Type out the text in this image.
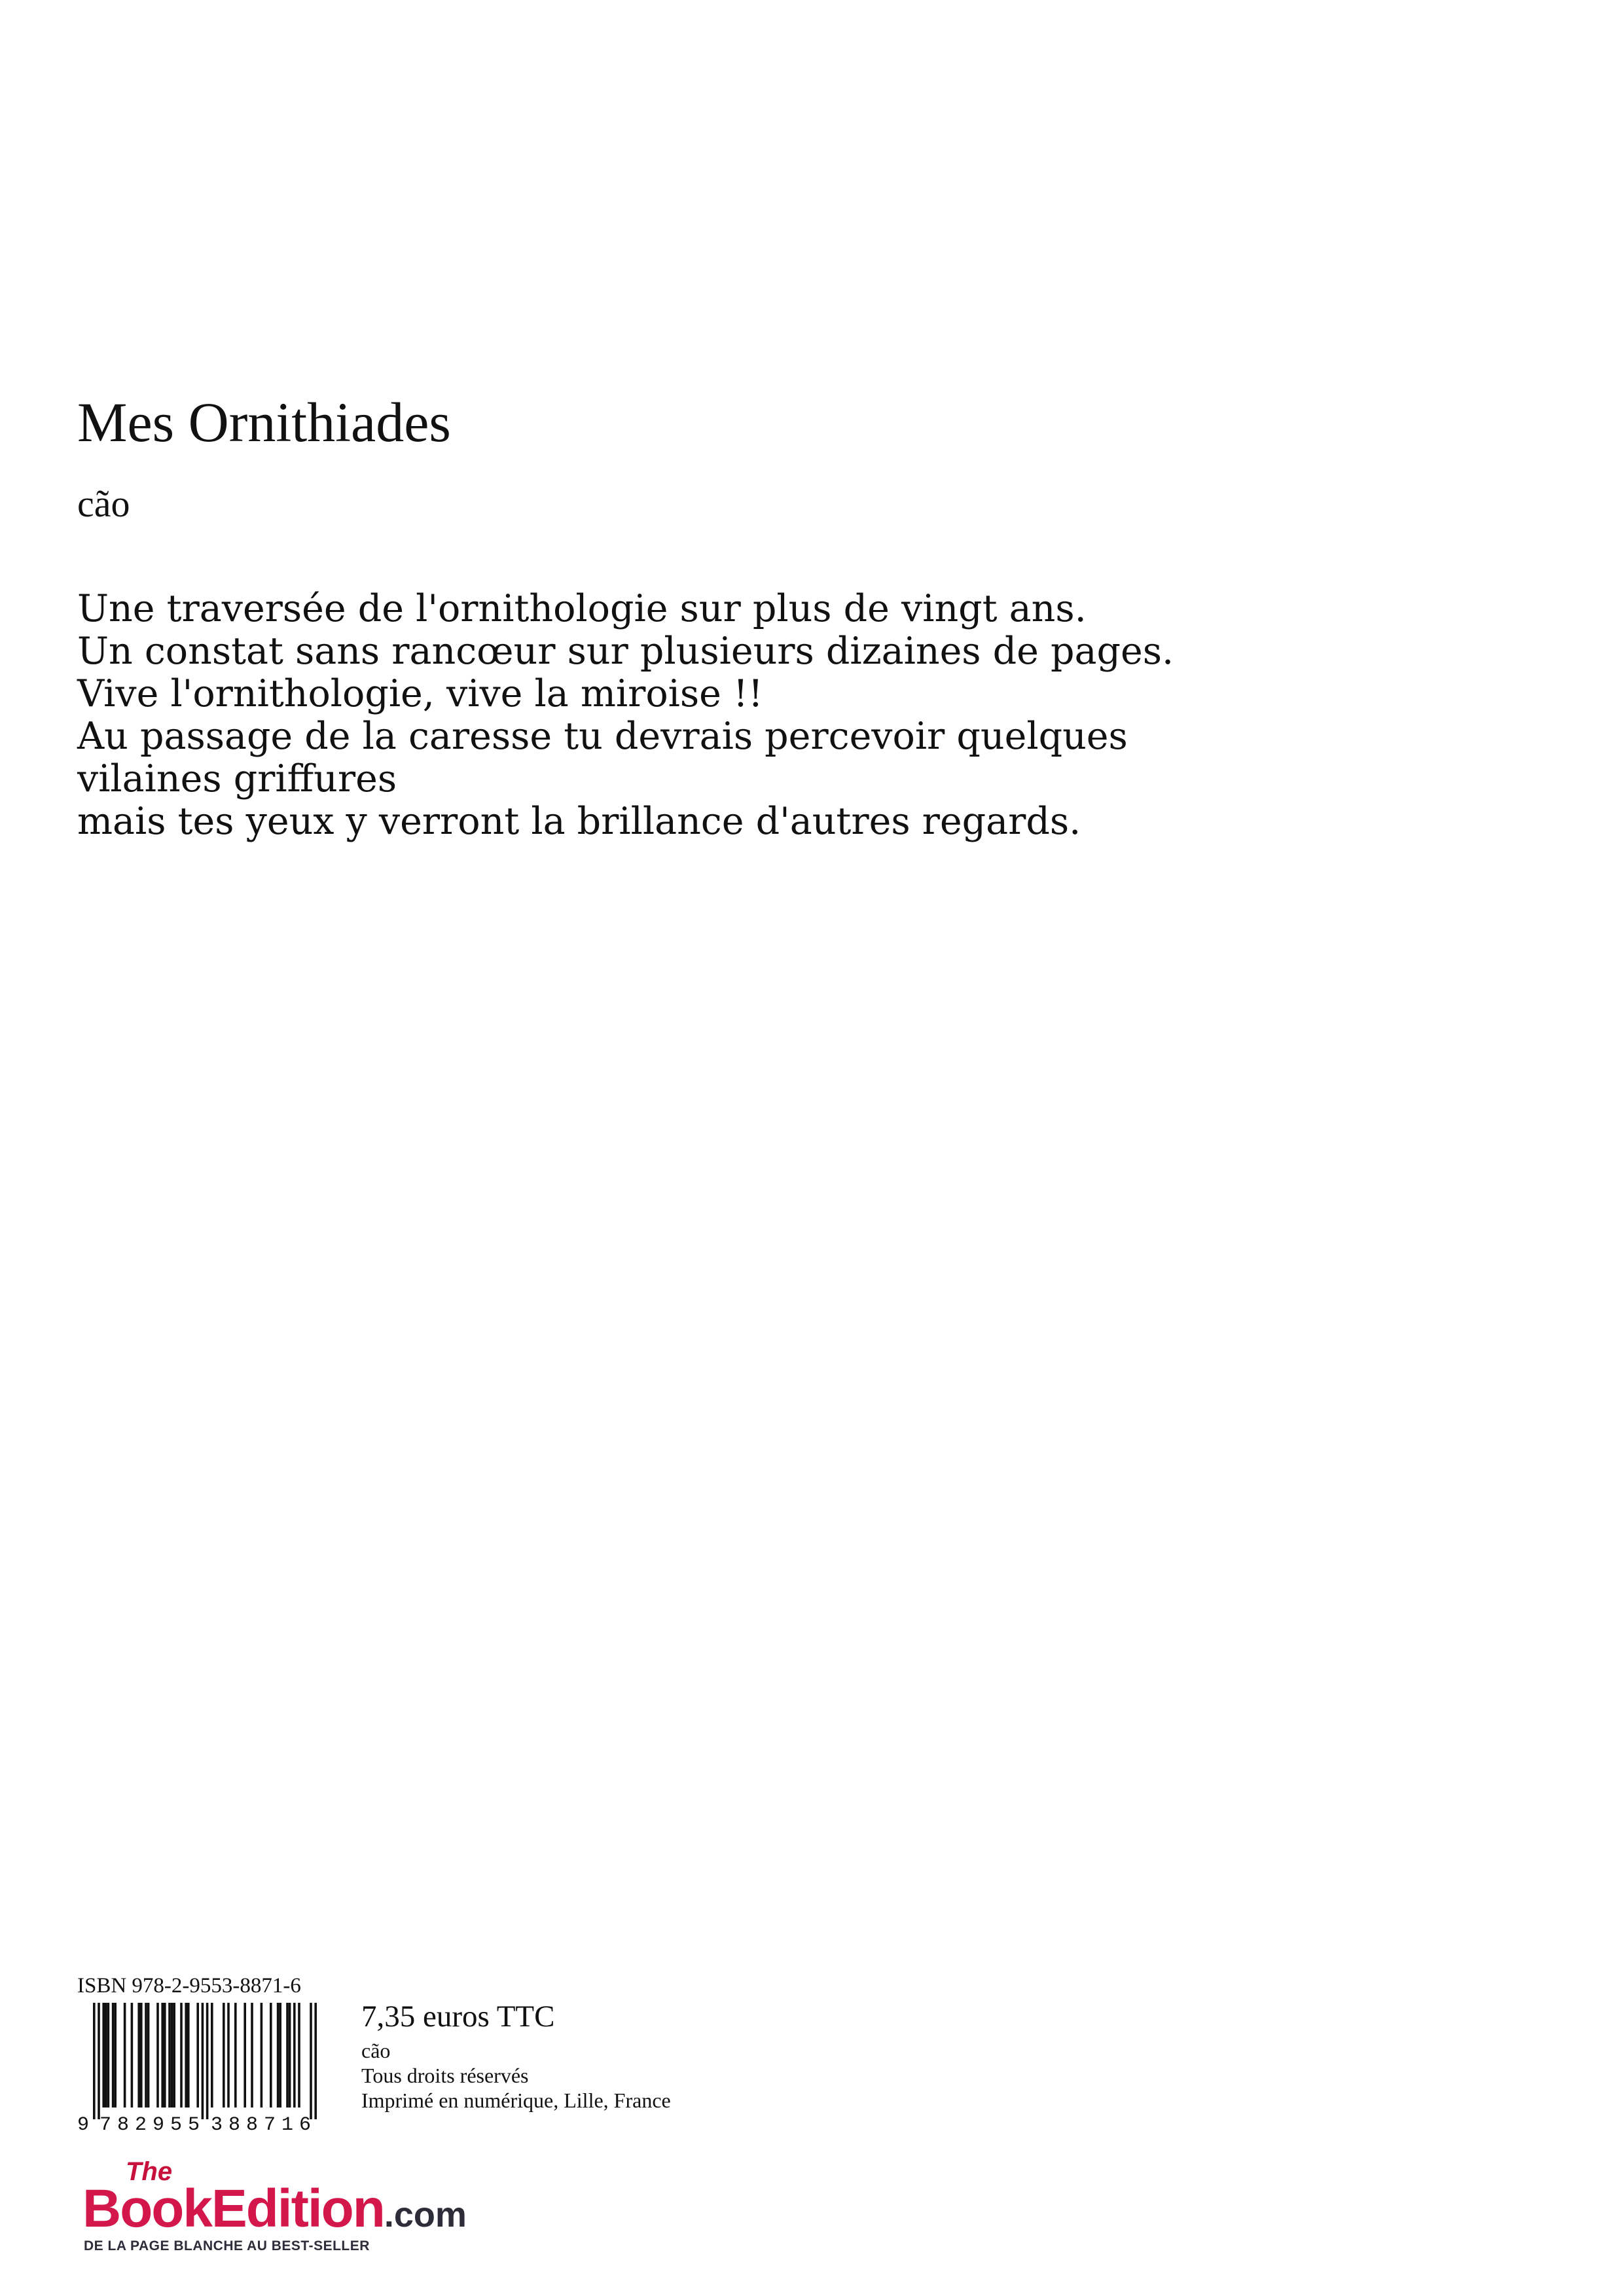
Mes Ornithiades
cão
Une traversée de l'ornithologie sur plus de vingt ans.
Un constat sans rancœur sur plusieurs dizaines de pages.
Vive l'ornithologie, vive la miroise !!
Au passage de la caresse tu devrais percevoir quelques
vilaines griffures
mais tes yeux y verront la brillance d'autres regards.
ISBN 978-2-9553-8871-6
9 782955 388716
7,35 euros TTC
cão
Tous droits réservés
Imprimé en numérique, Lille, France
The
BookEdition.com
DE LA PAGE BLANCHE AU BEST-SELLER
